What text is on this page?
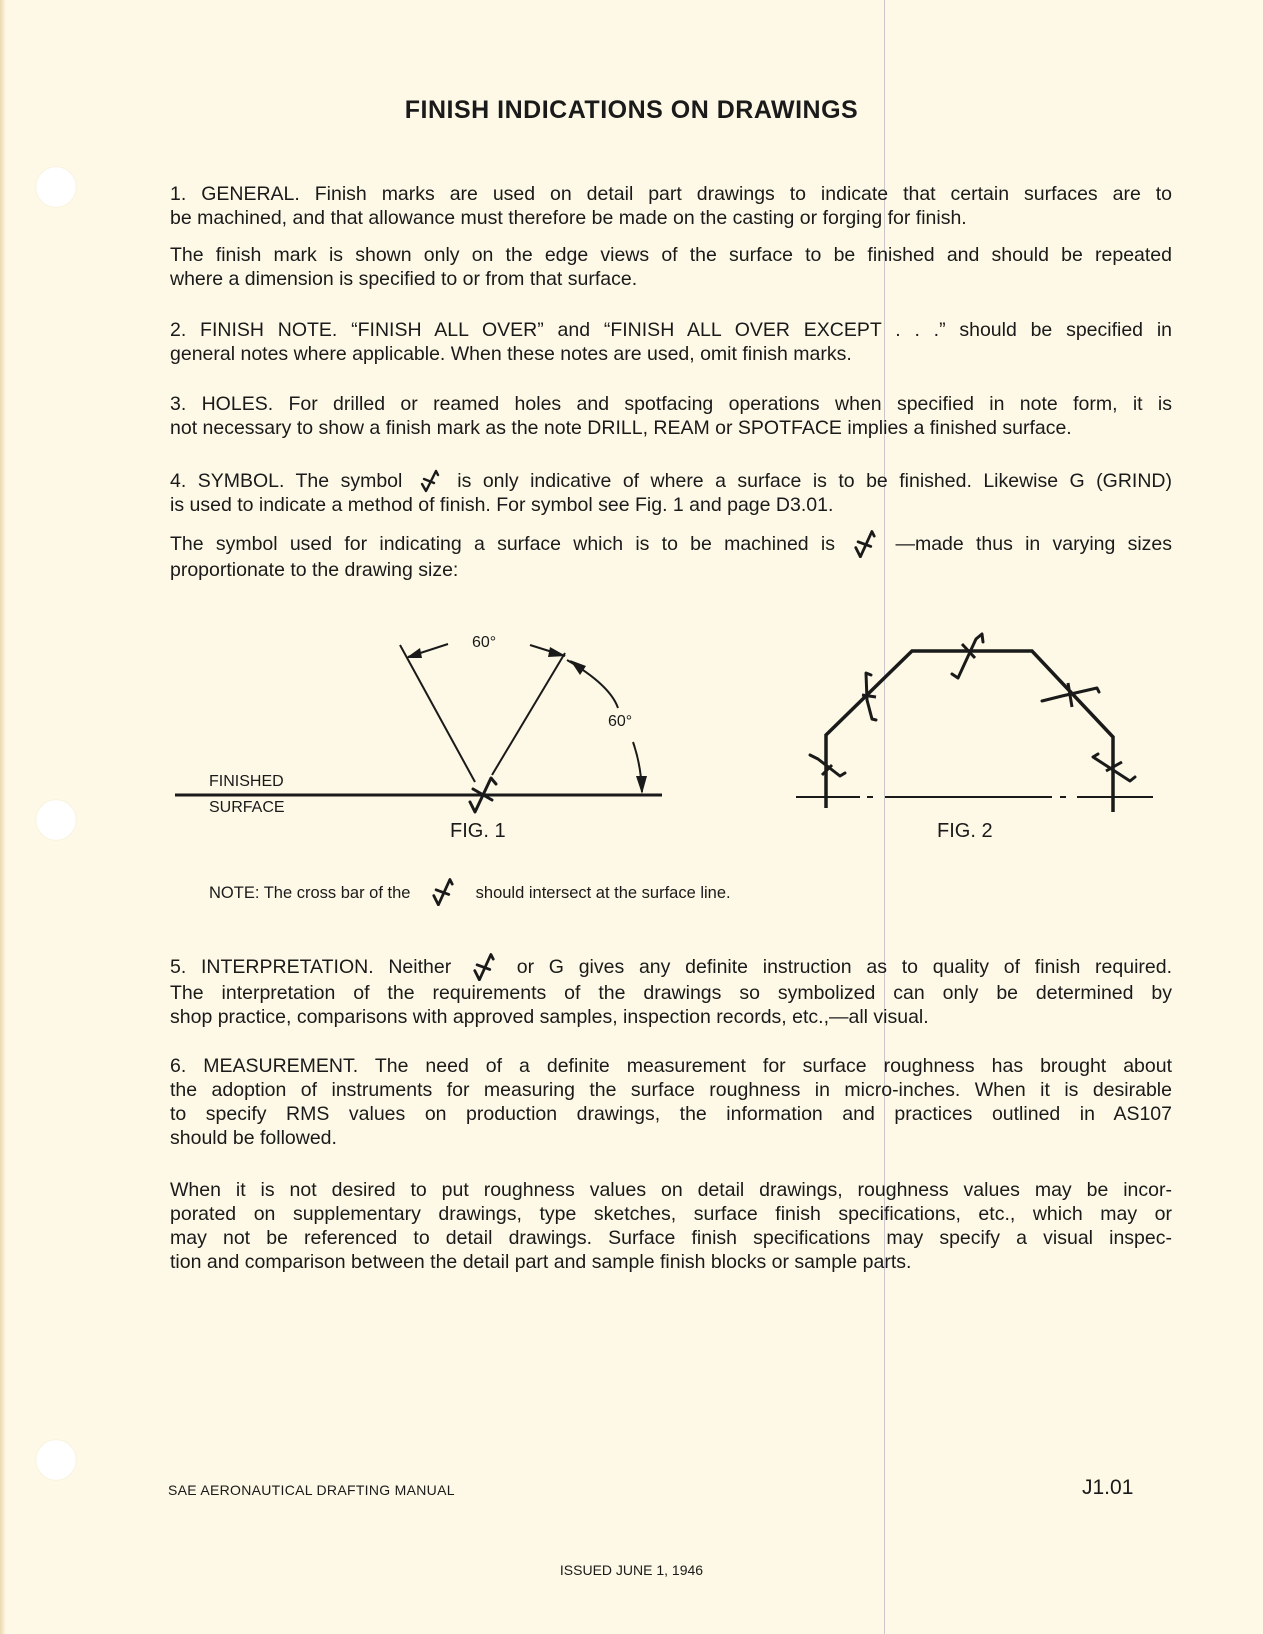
FINISH INDICATIONS ON DRAWINGS
1. GENERAL. Finish marks are used on detail part drawings to indicate that certain surfaces are to
be machined, and that allowance must therefore be made on the casting or forging for finish.
The finish mark is shown only on the edge views of the surface to be finished and should be repeated
where a dimension is specified to or from that surface.
2. FINISH NOTE. “FINISH ALL OVER” and “FINISH ALL OVER EXCEPT . . .” should be specified in
general notes where applicable. When these notes are used, omit finish marks.
3. HOLES. For drilled or reamed holes and spotfacing operations when specified in note form, it is
not necessary to show a finish mark as the note DRILL, REAM or SPOTFACE implies a finished surface.
4. SYMBOL. The symbol	is only indicative of where a surface is to be finished. Likewise G (GRIND)
is used to indicate a method of finish. For symbol see Fig. 1 and page D3.01.
The symbol used for indicating a surface which is to be machined is	—made thus in varying sizes
proportionate to the drawing size:
60°
60°
FINISHED
SURFACE
FIG. 1	FIG. 2
NOTE: The cross bar of the	should intersect at the surface line.
5. INTERPRETATION. Neither	or G gives any definite instruction as to quality of finish required.
The interpretation of the requirements of the drawings so symbolized can only be determined by
shop practice, comparisons with approved samples, inspection records, etc.,—all visual.
6. MEASUREMENT. The need of a definite measurement for surface roughness has brought about
the adoption of instruments for measuring the surface roughness in micro-inches. When it is desirable
to specify RMS values on production drawings, the information and practices outlined in AS107
should be followed.
When it is not desired to put roughness values on detail drawings, roughness values may be incor-
porated on supplementary drawings, type sketches, surface finish specifications, etc., which may or
may not be referenced to detail drawings. Surface finish specifications may specify a visual inspec-
tion and comparison between the detail part and sample finish blocks or sample parts.
SAE AERONAUTICAL DRAFTING MANUAL	J1.01
ISSUED JUNE 1, 1946
